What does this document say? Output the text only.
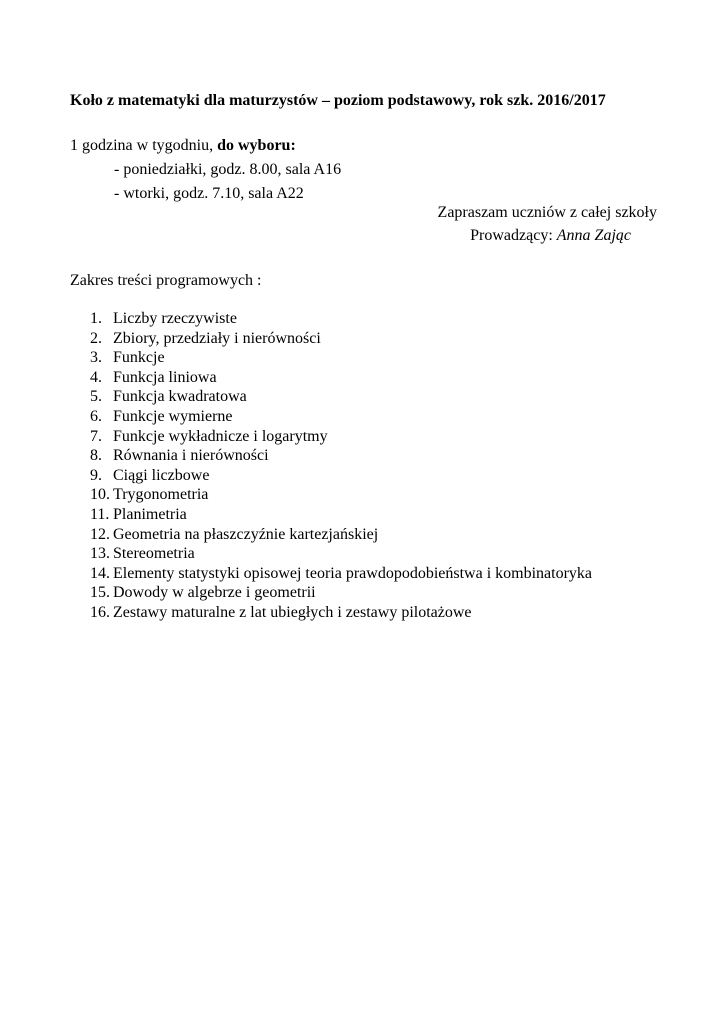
Koło z matematyki dla maturzystów – poziom podstawowy, rok szk. 2016/2017
1 godzina w tygodniu, do wyboru:
- poniedziałki, godz. 8.00, sala A16
- wtorki, godz. 7.10, sala A22
Zapraszam uczniów z całej szkoły
Prowadzący: Anna Zając
Zakres treści programowych :
1. Liczby rzeczywiste
2. Zbiory, przedziały i nierówności
3. Funkcje
4. Funkcja liniowa
5. Funkcja kwadratowa
6. Funkcje wymierne
7. Funkcje wykładnicze i logarytmy
8. Równania i nierówności
9. Ciągi liczbowe
10. Trygonometria
11. Planimetria
12. Geometria na płaszczyźnie kartezjańskiej
13. Stereometria
14. Elementy statystyki opisowej teoria prawdopodobieństwa i kombinatoryka
15. Dowody w algebrze i geometrii
16. Zestawy maturalne z lat ubiegłych i zestawy pilotażowe
